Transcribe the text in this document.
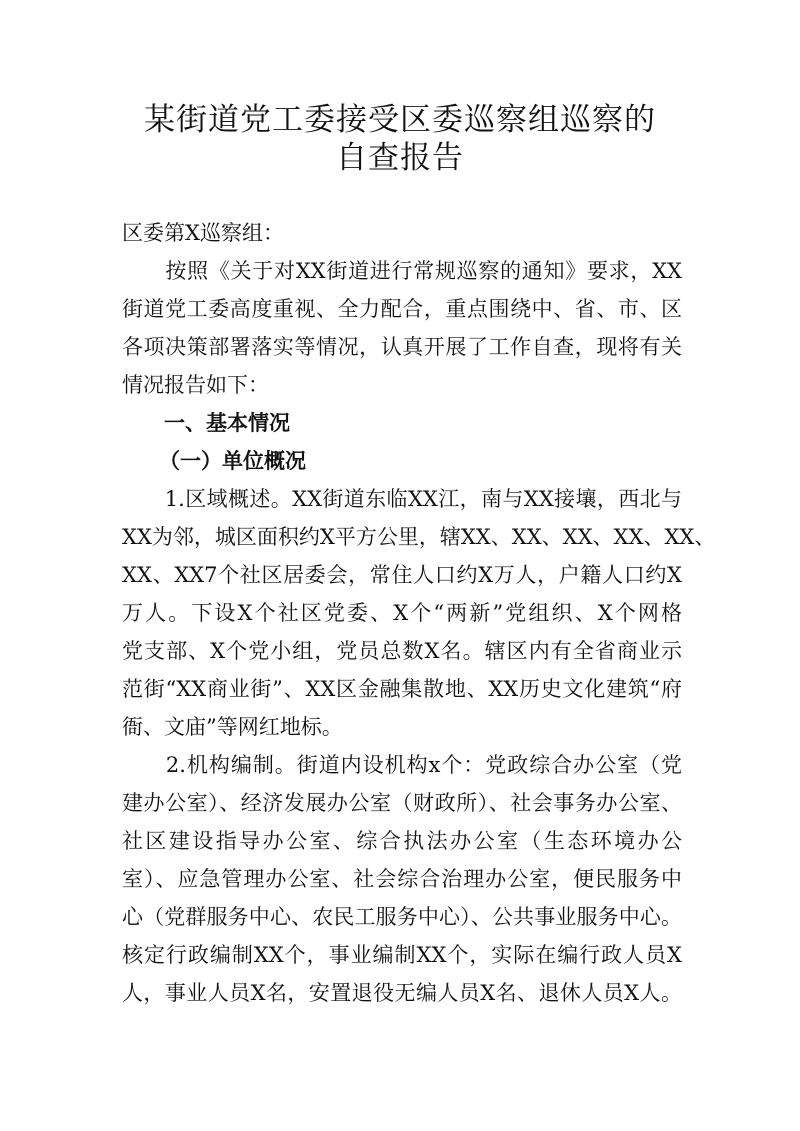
某街道党工委接受区委巡察组巡察的
自查报告
区委第X巡察组：
　　按照《关于对XX街道进行常规巡察的通知》要求，XX
街道党工委高度重视、全力配合，重点围绕中、省、市、区
各项决策部署落实等情况，认真开展了工作自查，现将有关
情况报告如下：
一、基本情况
（一）单位概况
　　1.区域概述。XX街道东临XX江，南与XX接壤，西北与
XX为邻，城区面积约X平方公里，辖XX、XX、XX、XX、XX、
XX、XX7个社区居委会，常住人口约X万人，户籍人口约X
万人。下设X个社区党委、X个“两新”党组织、X个网格
党支部、X个党小组，党员总数X名。辖区内有全省商业示
范街“XX商业街”、XX区金融集散地、XX历史文化建筑“府
衙、文庙”等网红地标。
　　2.机构编制。街道内设机构x个：党政综合办公室（党
建办公室）、经济发展办公室（财政所）、社会事务办公室、
社区建设指导办公室、综合执法办公室（生态环境办公
室）、应急管理办公室、社会综合治理办公室，便民服务中
心（党群服务中心、农民工服务中心）、公共事业服务中心。
核定行政编制XX个，事业编制XX个，实际在编行政人员X
人，事业人员X名，安置退役无编人员X名、退休人员X人。
